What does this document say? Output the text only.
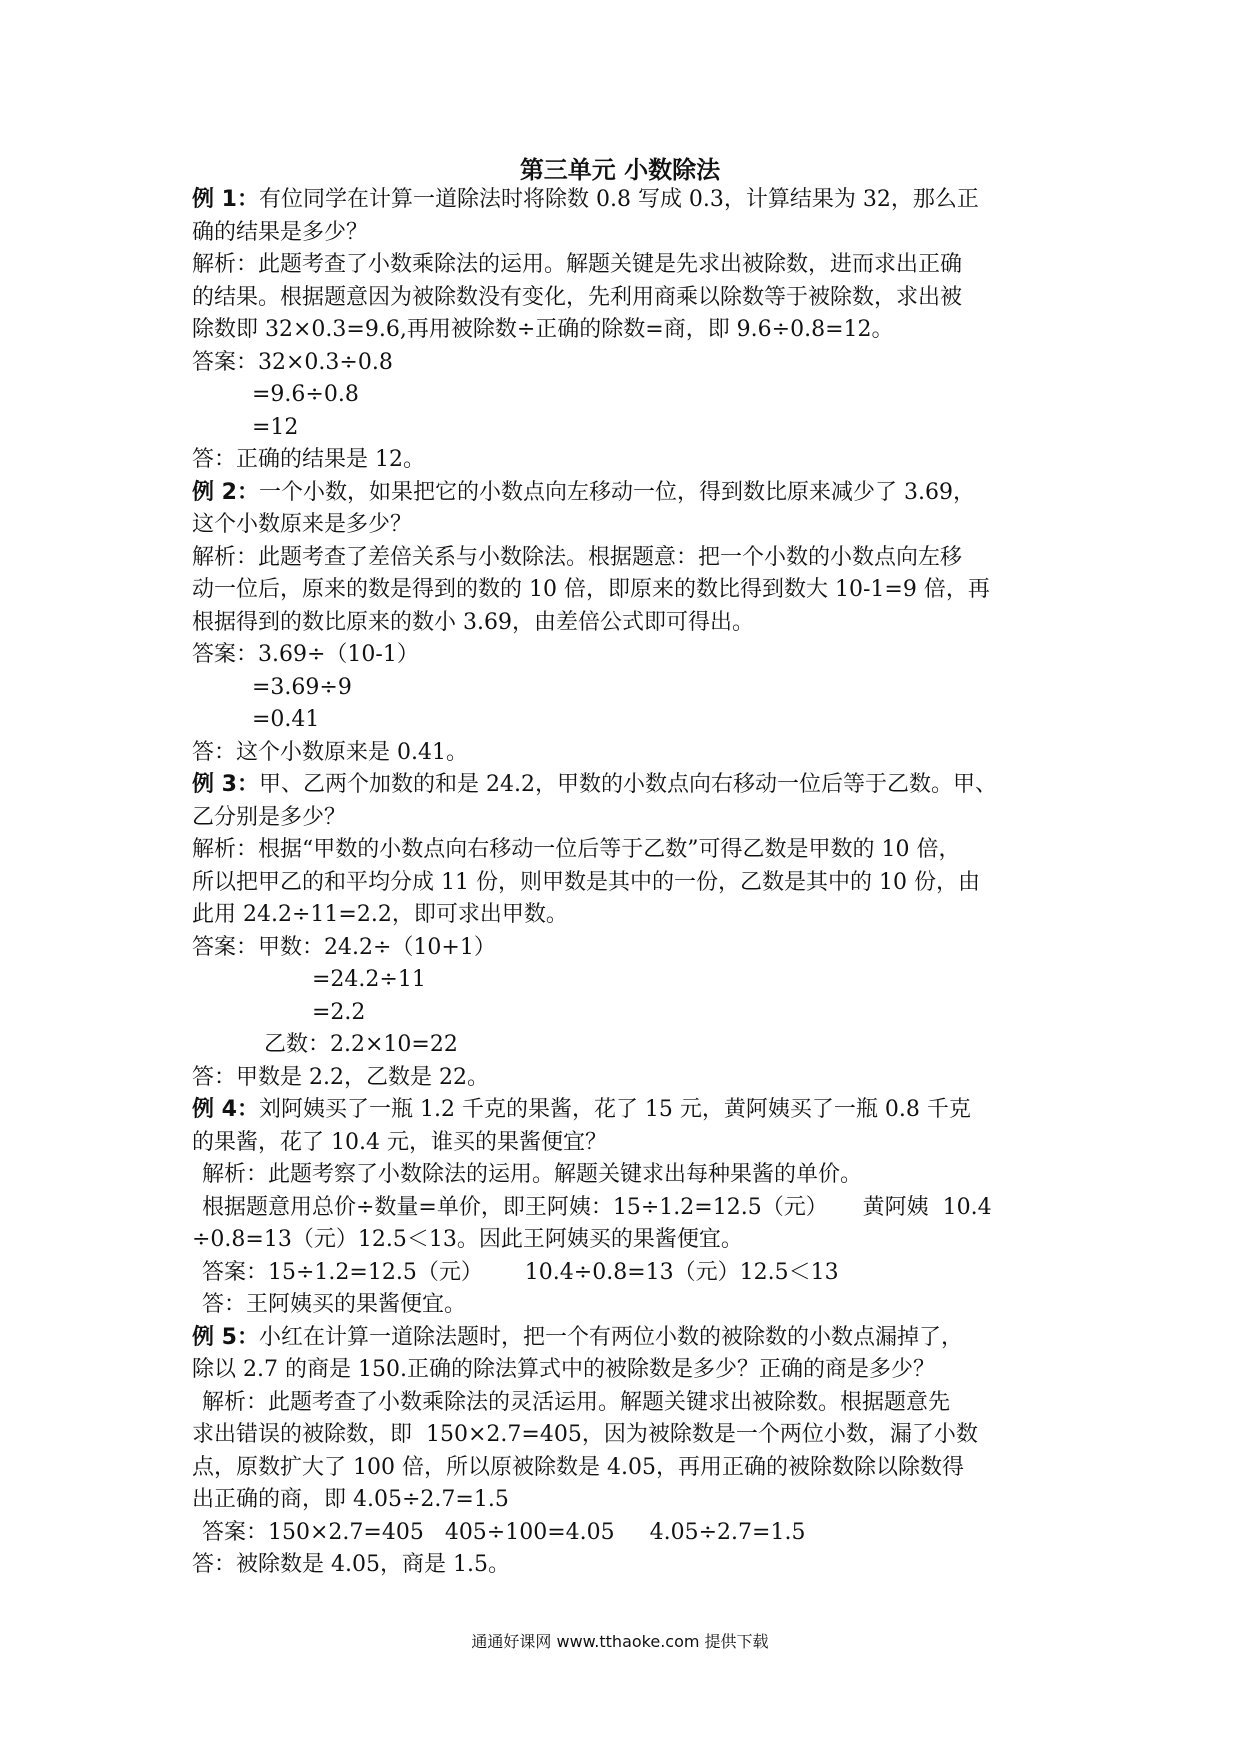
第三单元 小数除法
例 1：有位同学在计算一道除法时将除数 0.8 写成 0.3，计算结果为 32，那么正
确的结果是多少？
解析：此题考查了小数乘除法的运用。解题关键是先求出被除数，进而求出正确
的结果。根据题意因为被除数没有变化，先利用商乘以除数等于被除数，求出被
除数即 32×0.3=9.6,再用被除数÷正确的除数=商，即 9.6÷0.8=12。
答案：32×0.3÷0.8
=9.6÷0.8
=12
答：正确的结果是 12。
例 2：一个小数，如果把它的小数点向左移动一位，得到数比原来减少了 3.69，
这个小数原来是多少？
解析：此题考查了差倍关系与小数除法。根据题意：把一个小数的小数点向左移
动一位后，原来的数是得到的数的 10 倍，即原来的数比得到数大 10-1=9 倍，再
根据得到的数比原来的数小 3.69，由差倍公式即可得出。
答案：3.69÷（10-1）
=3.69÷9
=0.41
答：这个小数原来是 0.41。
例 3：甲、乙两个加数的和是 24.2，甲数的小数点向右移动一位后等于乙数。甲、
乙分别是多少？
解析：根据“甲数的小数点向右移动一位后等于乙数”可得乙数是甲数的 10 倍，
所以把甲乙的和平均分成 11 份，则甲数是其中的一份，乙数是其中的 10 份，由
此用 24.2÷11=2.2，即可求出甲数。
答案：甲数：24.2÷（10+1）
=24.2÷11
=2.2
乙数：2.2×10=22
答：甲数是 2.2，乙数是 22。
例 4：刘阿姨买了一瓶 1.2 千克的果酱，花了 15 元，黄阿姨买了一瓶 0.8 千克
的果酱，花了 10.4 元，谁买的果酱便宜？
解析：此题考察了小数除法的运用。解题关键求出每种果酱的单价。
根据题意用总价÷数量=单价，即王阿姨：15÷1.2=12.5（元）     黄阿姨  10.4
÷0.8=13（元）12.5＜13。因此王阿姨买的果酱便宜。
答案：15÷1.2=12.5（元）      10.4÷0.8=13（元）12.5＜13
答：王阿姨买的果酱便宜。
例 5：小红在计算一道除法题时，把一个有两位小数的被除数的小数点漏掉了，
除以 2.7 的商是 150.正确的除法算式中的被除数是多少？正确的商是多少？
解析：此题考查了小数乘除法的灵活运用。解题关键求出被除数。根据题意先
求出错误的被除数，即  150×2.7=405，因为被除数是一个两位小数，漏了小数
点，原数扩大了 100 倍，所以原被除数是 4.05，再用正确的被除数除以除数得
出正确的商，即 4.05÷2.7=1.5
答案：150×2.7=405   405÷100=4.05     4.05÷2.7=1.5
答：被除数是 4.05，商是 1.5。
通通好课网 www.tthaoke.com 提供下载
